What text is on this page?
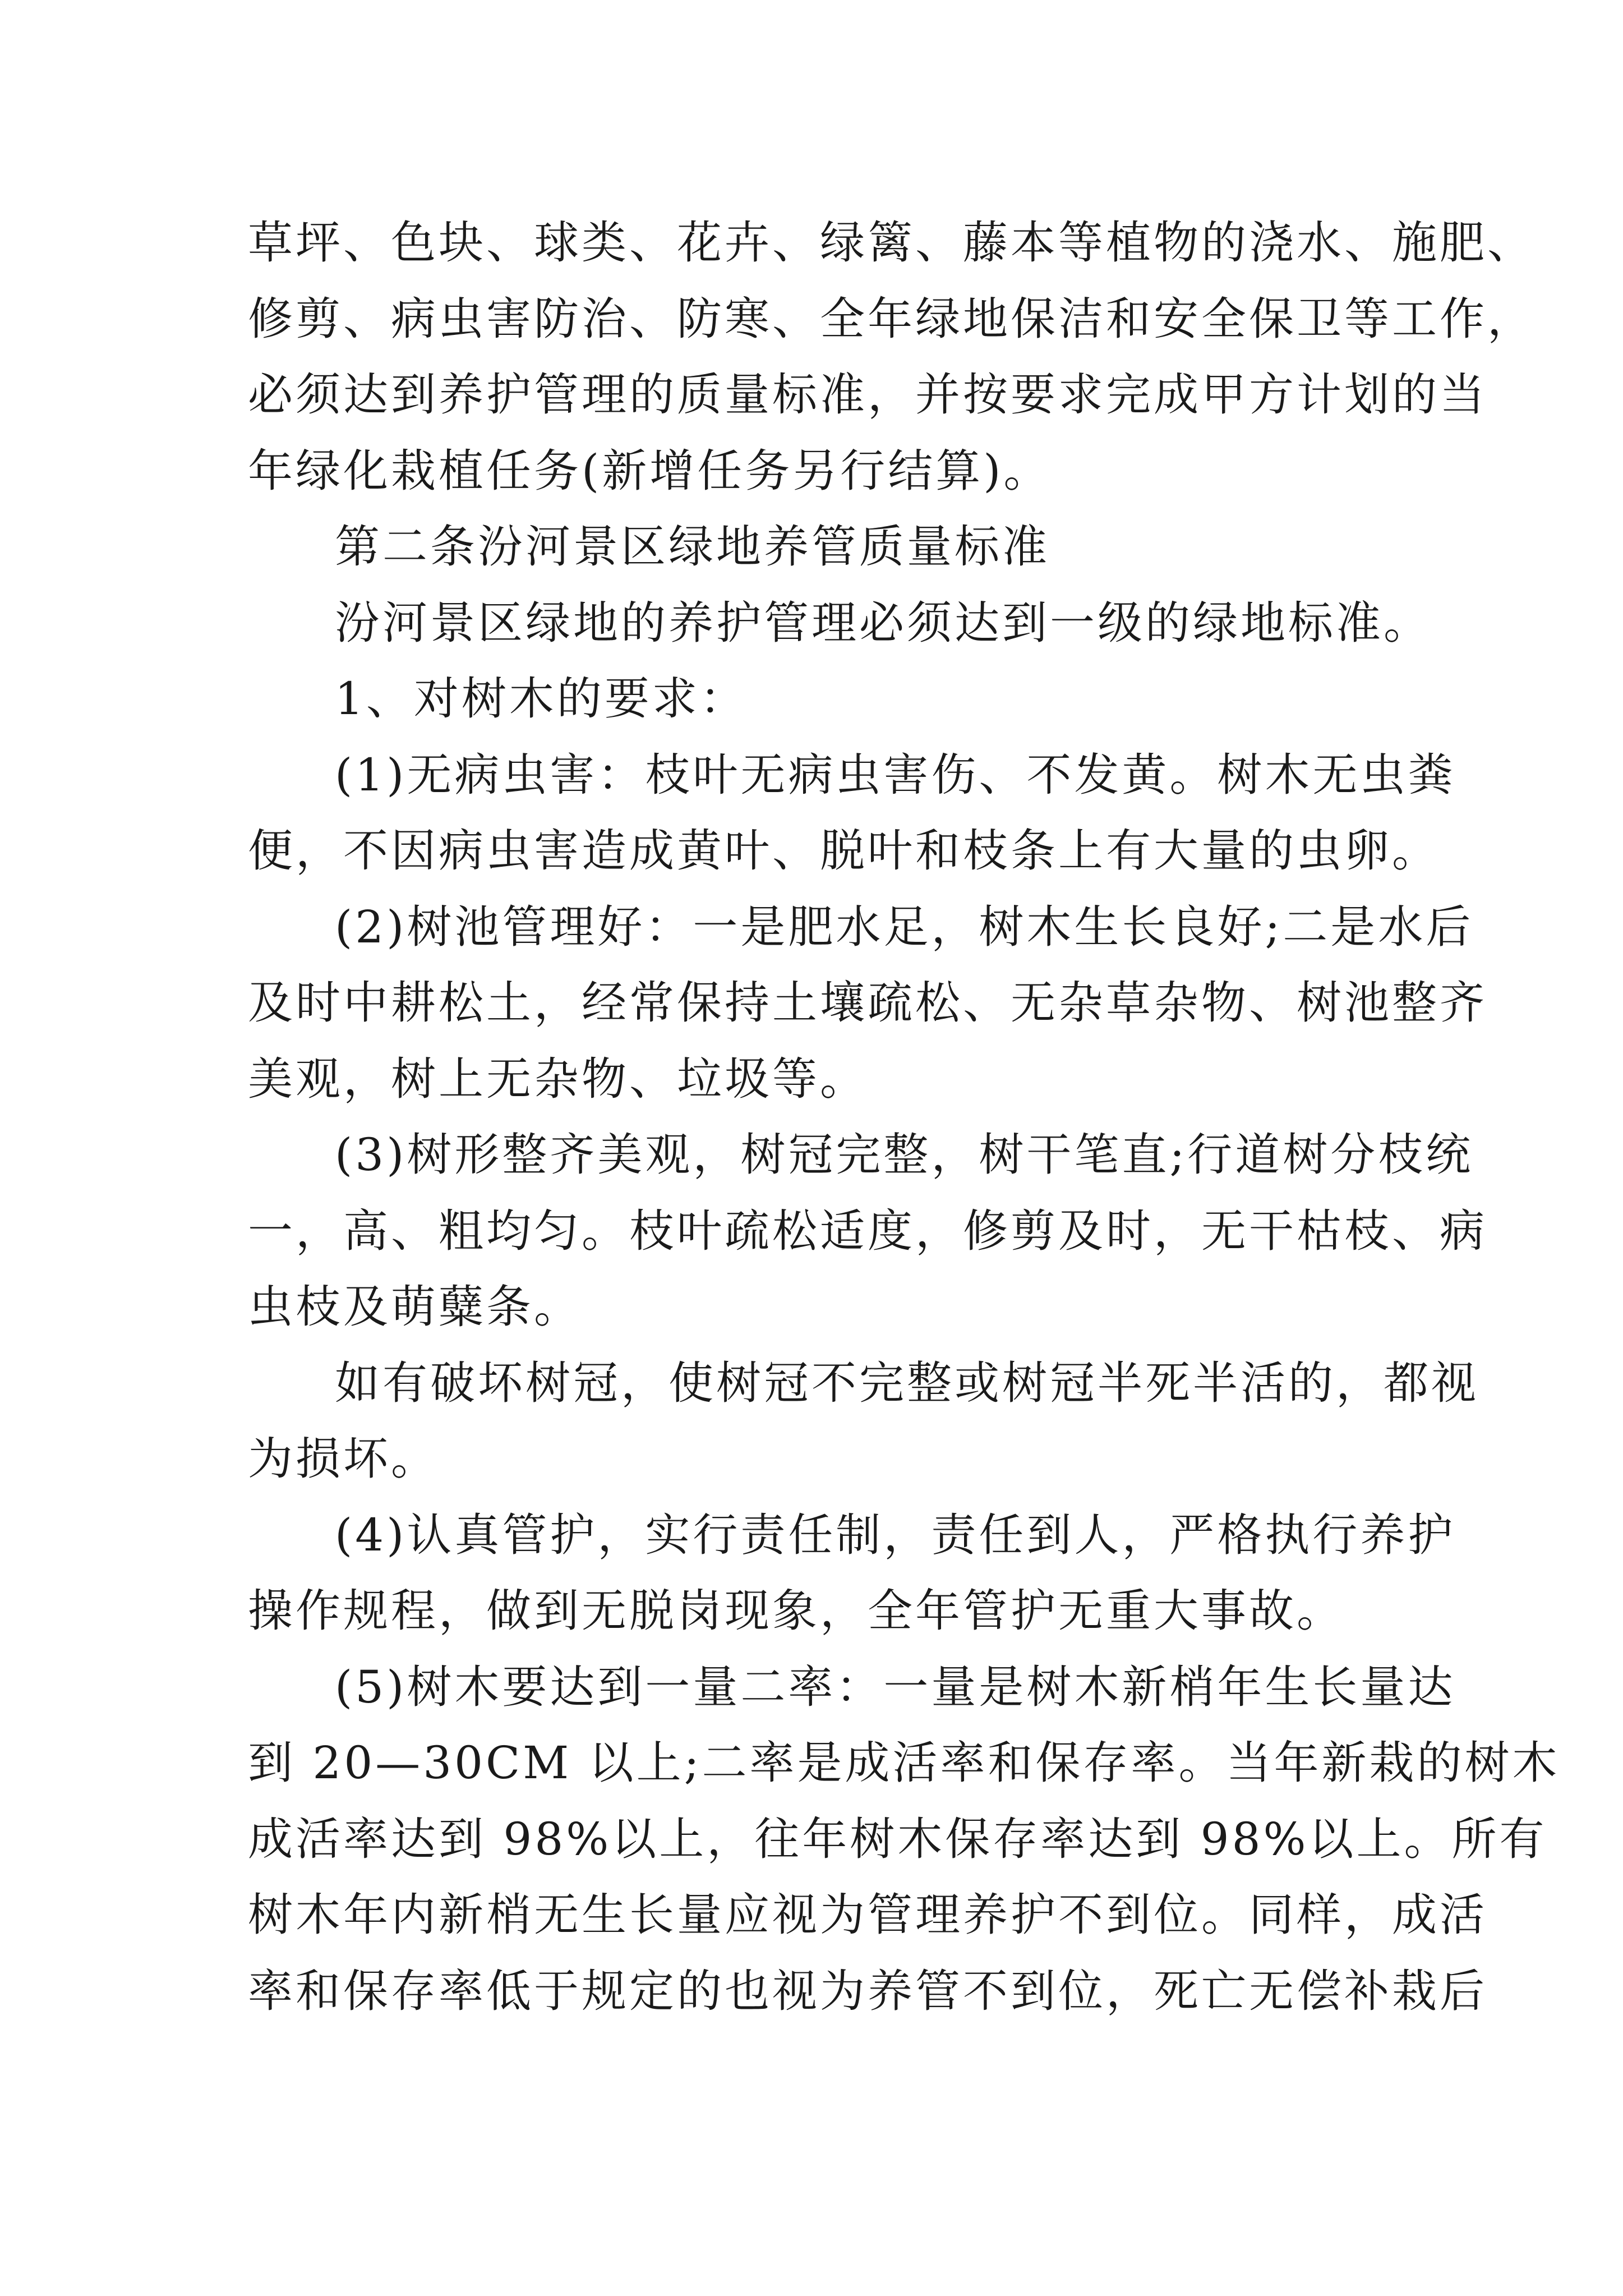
草坪、色块、球类、花卉、绿篱、藤本等植物的浇水、施肥、
修剪、病虫害防治、防寒、全年绿地保洁和安全保卫等工作，
必须达到养护管理的质量标准，并按要求完成甲方计划的当
年绿化栽植任务(新增任务另行结算)。

第二条汾河景区绿地养管质量标准

汾河景区绿地的养护管理必须达到一级的绿地标准。

1、对树木的要求：

(1)无病虫害：枝叶无病虫害伤、不发黄。树木无虫粪
便，不因病虫害造成黄叶、脱叶和枝条上有大量的虫卵。

(2)树池管理好：一是肥水足，树木生长良好;二是水后
及时中耕松土，经常保持土壤疏松、无杂草杂物、树池整齐
美观，树上无杂物、垃圾等。

(3)树形整齐美观，树冠完整，树干笔直;行道树分枝统
一，高、粗均匀。枝叶疏松适度，修剪及时，无干枯枝、病
虫枝及萌糵条。

如有破坏树冠，使树冠不完整或树冠半死半活的，都视
为损坏。

(4)认真管护，实行责任制，责任到人，严格执行养护
操作规程，做到无脱岗现象，全年管护无重大事故。

(5)树木要达到一量二率：一量是树木新梢年生长量达
到 20—30CM 以上;二率是成活率和保存率。当年新栽的树木
成活率达到 98%以上，往年树木保存率达到 98%以上。所有
树木年内新梢无生长量应视为管理养护不到位。同样，成活
率和保存率低于规定的也视为养管不到位，死亡无偿补栽后
